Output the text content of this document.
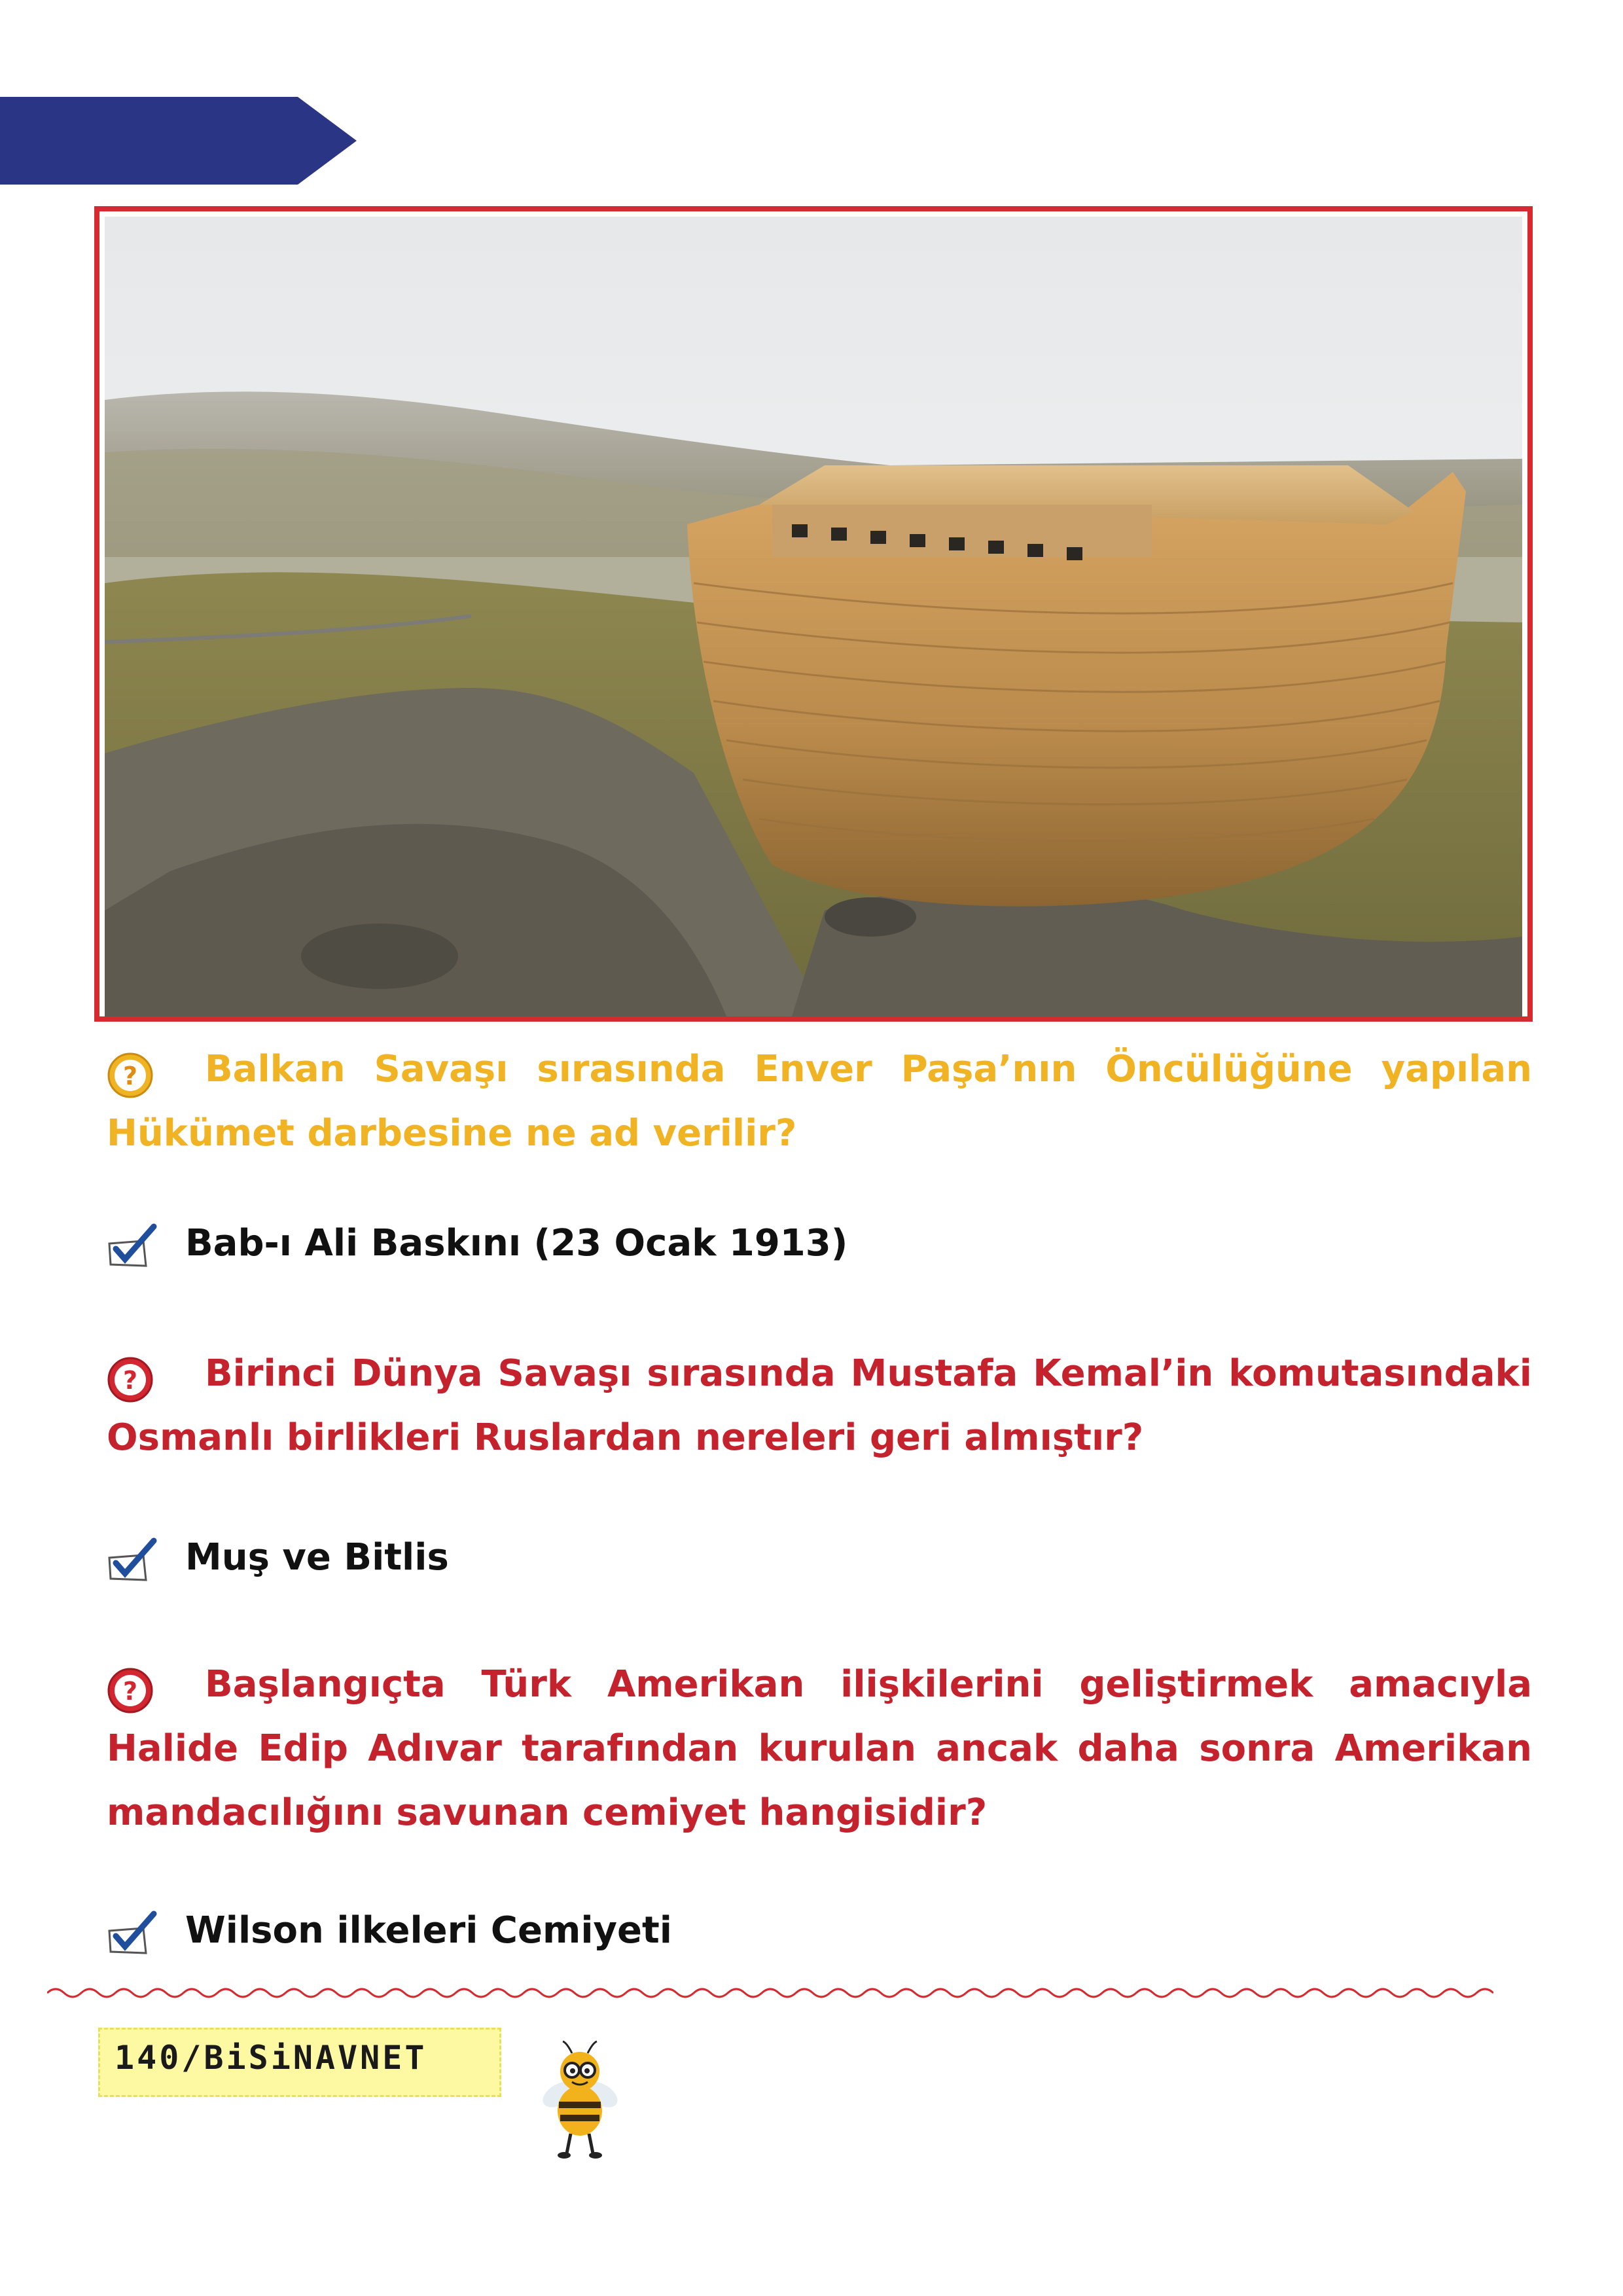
Balkan Savaşı sırasında Enver Paşa’nın Öncülüğüne yapılan Hükümet darbesine ne ad verilir?

?
Bab-ı Ali Baskını (23 Ocak 1913)

Birinci Dünya Savaşı sırasında Mustafa Kemal’in komutasındaki Osmanlı birlikleri Ruslardan nereleri geri almıştır?

?
Muş ve Bitlis

Başlangıçta Türk Amerikan ilişkilerini geliştirmek amacıyla Halide Edip Adıvar tarafından kurulan ancak daha sonra Amerikan mandacılığını savunan cemiyet hangisidir?

?
Wilson ilkeleri Cemiyeti
140/BiSiNAVNET
